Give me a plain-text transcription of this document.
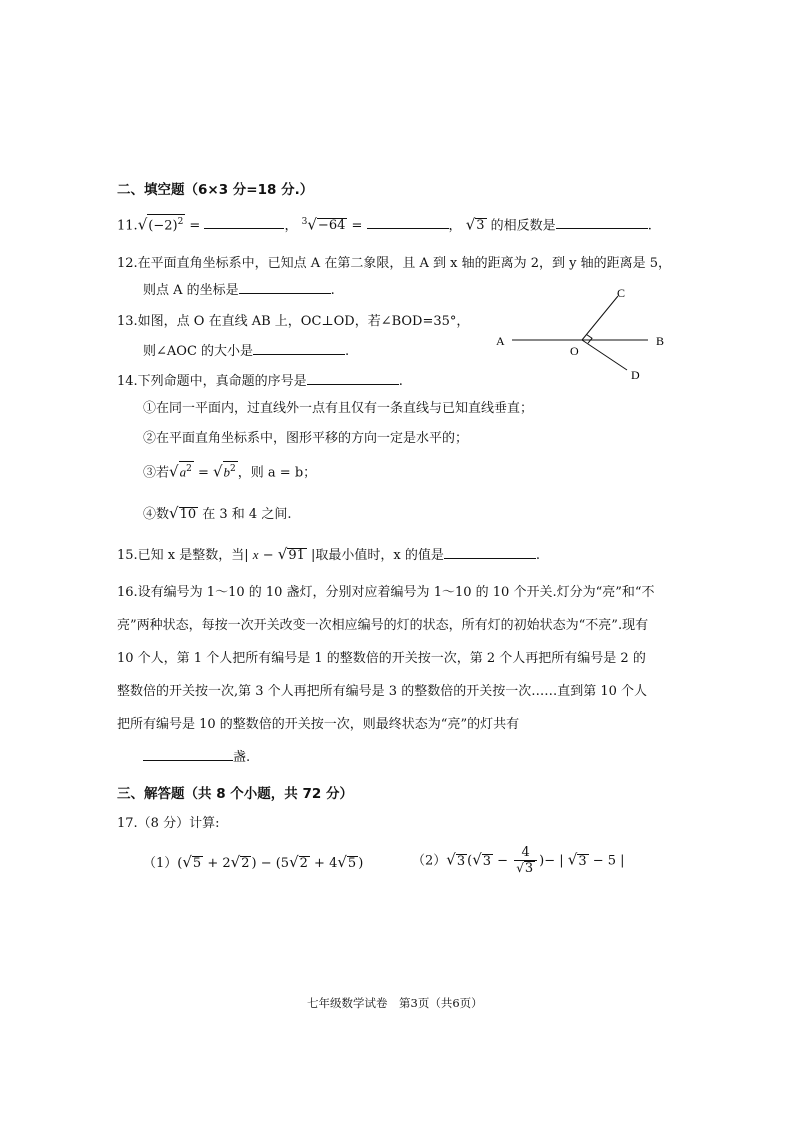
二、填空题（6×3 分=18 分.）
$11.√(-2)^2$ =	， $^3$√−64 =	， √3 的相反数是	.
12.在平面直角坐标系中，已知点 A 在第二象限，且 A 到 x 轴的距离为 2，到 y 轴的距离是 5，
则点 A 的坐标是	.
13.如图，点 O 在直线 AB 上，OC⊥OD，若∠BOD=35°，
则∠AOC 的大小是	.
A	B
C
D
O
14.下列命题中，真命题的序号是	.
①在同一平面内，过直线外一点有且仅有一条直线与已知直线垂直；
②在平面直角坐标系中，图形平移的方向一定是水平的；
③若$√a^2 = √b^2$ ，则 a = b；
④数√10 在 3 和 4 之间.
15.已知 x 是整数，当| x − √91 |取最小值时，x 的值是	.
16.设有编号为 1～10 的 10 盏灯，分别对应着编号为 1～10 的 10 个开关.灯分为“亮”和“不亮”两种状态，每按一次开关改变一次相应编号的灯的状态，所有灯的初始状态为“不亮”.现有 10 个人，第 1 个人把所有编号是 1 的整数倍的开关按一次，第 2 个人再把所有编号是 2 的整数倍的开关按一次,第 3 个人再把所有编号是 3 的整数倍的开关按一次……直到第 10 个人把所有编号是 10 的整数倍的开关按一次，则最终状态为“亮”的灯共有
盏.
三、解答题（共 8 个小题，共 72 分）
17.（8 分）计算:
（1）(√5 + 2√2 ) − (5√2 + 4√5 )	（2）√3 ($√3 - \frac{4}{√3}$ )− | √3 − 5 |
七年级数学试卷　第3页（共6页）
